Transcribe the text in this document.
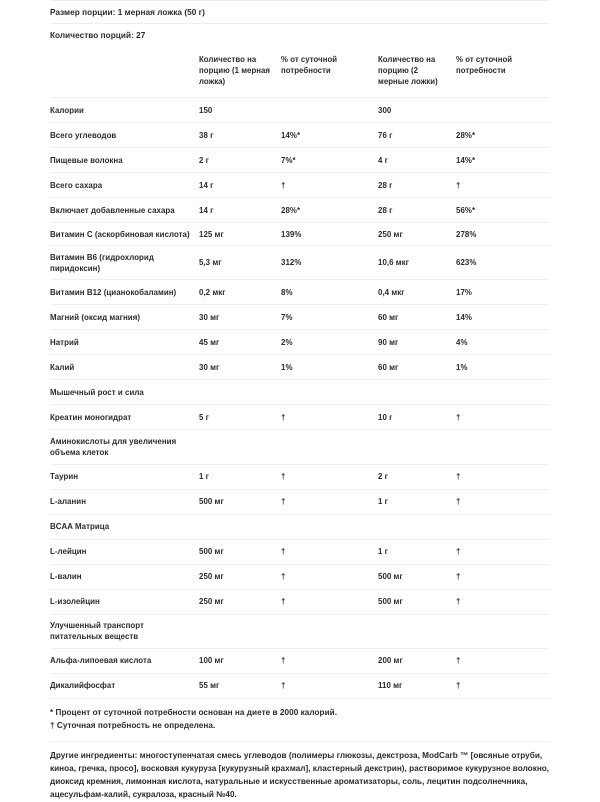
Размер порции: 1 мерная ложка (50 г)
Количество порций: 27
	Количество на порцию (1 мерная ложка)	% от суточной потребности	Количество на порцию (2 мерные ложки)	% от суточной потребности
Калории	150		300	
Всего углеводов	38 г	14%*	76 г	28%*
Пищевые волокна	2 г	7%*	4 г	14%*
Всего сахара	14 г	†	28 г	†
Включает добавленные сахара	14 г	28%*	28 г	56%*
Витамин C (аскорбиновая кислота)	125 мг	139%	250 мг	278%
Витамин B6 (гидрохлорид пиридоксин)	5,3 мг	312%	10,6 мкг	623%
Витамин B12 (цианокобаламин)	0,2 мкг	8%	0,4 мкг	17%
Магний (оксид магния)	30 мг	7%	60 мг	14%
Натрий	45 мг	2%	90 мг	4%
Калий	30 мг	1%	60 мг	1%
Мышечный рост и сила				
Креатин моногидрат	5 г	†	10 г	†
Аминокислоты для увеличения объема клеток				
Таурин	1 г	†	2 г	†
L-аланин	500 мг	†	1 г	†
BCAA Матрица				
L-лейцин	500 мг	†	1 г	†
L-валин	250 мг	†	500 мг	†
L-изолейцин	250 мг	†	500 мг	†
Улучшенный транспорт питательных веществ				
Альфа-липоевая кислота	100 мг	†	200 мг	†
Дикалийфосфат	55 мг	†	110 мг	†
* Процент от суточной потребности основан на диете в 2000 калорий.
† Суточная потребность не определена.

Другие ингредиенты: многоступенчатая смесь углеводов (полимеры глюкозы, декстроза, ModCarb ™ [овсяные отруби, кинoa, гречка, просо], восковая кукуруза [кукурузный крахмал], кластерный декстрин), растворимое кукурузное волокно, диоксид кремния, лимонная кислота, натуральные и искусственные ароматизаторы, соль, лецитин подсолнечника, ацесульфам-калий, сукралоза, красный №40.
